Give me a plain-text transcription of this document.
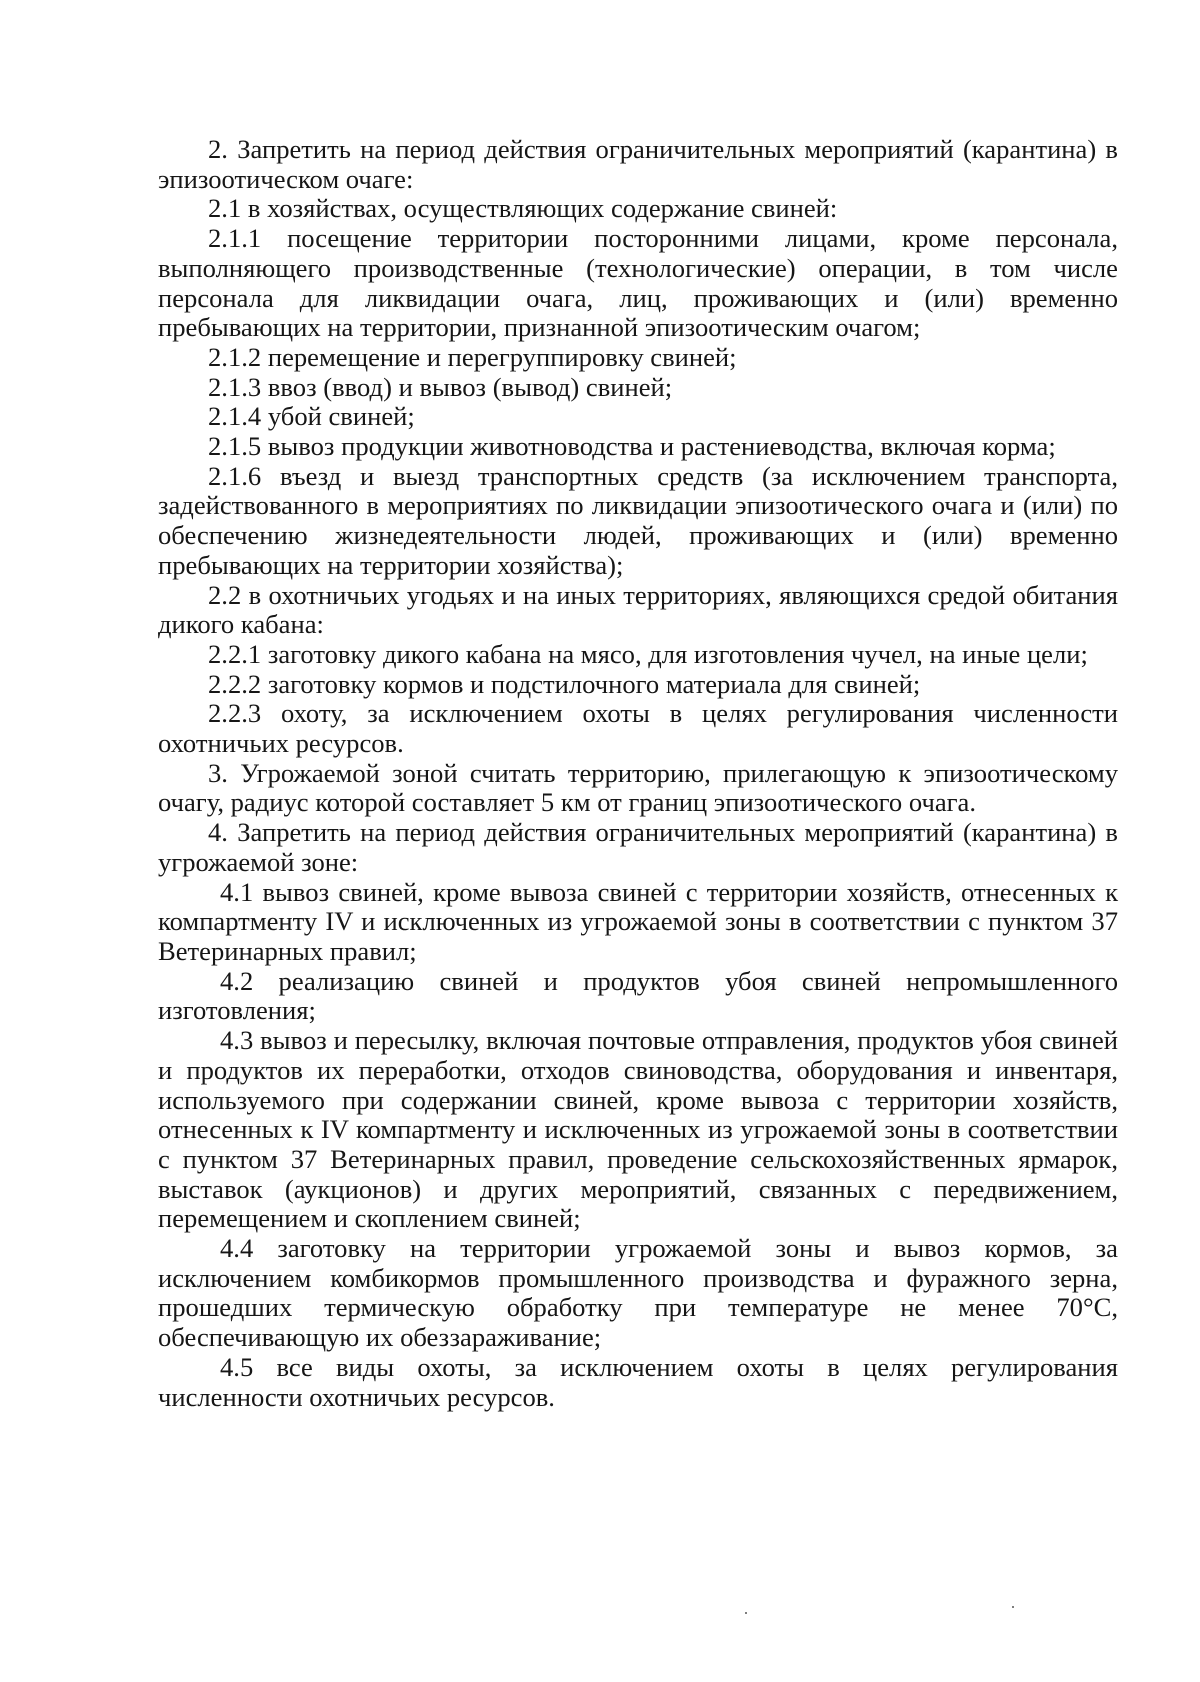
2. Запретить на период действия ограничительных мероприятий (карантина) в эпизоотическом очаге:

2.1 в хозяйствах, осуществляющих содержание свиней:

2.1.1 посещение территории посторонними лицами, кроме персонала, выполняющего производственные (технологические) операции, в том числе персонала для ликвидации очага, лиц, проживающих и (или) временно пребывающих на территории, признанной эпизоотическим очагом;

2.1.2 перемещение и перегруппировку свиней;

2.1.3 ввоз (ввод) и вывоз (вывод) свиней;

2.1.4 убой свиней;

2.1.5 вывоз продукции животноводства и растениеводства, включая корма;

2.1.6 въезд и выезд транспортных средств (за исключением транспорта, задействованного в мероприятиях по ликвидации эпизоотического очага и (или) по обеспечению жизнедеятельности людей, проживающих и (или) временно пребывающих на территории хозяйства);

2.2 в охотничьих угодьях и на иных территориях, являющихся средой обитания дикого кабана:

2.2.1 заготовку дикого кабана на мясо, для изготовления чучел, на иные цели;

2.2.2 заготовку кормов и подстилочного материала для свиней;

2.2.3 охоту, за исключением охоты в целях регулирования численности охотничьих ресурсов.

3. Угрожаемой зоной считать территорию, прилегающую к эпизоотическому очагу, радиус которой составляет 5 км от границ эпизоотического очага.

4. Запретить на период действия ограничительных мероприятий (карантина) в угрожаемой зоне:

4.1 вывоз свиней, кроме вывоза свиней с территории хозяйств, отнесенных к компартменту IV и исключенных из угрожаемой зоны в соответствии с пунктом 37 Ветеринарных правил;

4.2 реализацию свиней и продуктов убоя свиней непромышленного изготовления;

4.3 вывоз и пересылку, включая почтовые отправления, продуктов убоя свиней и продуктов их переработки, отходов свиноводства, оборудования и инвентаря, используемого при содержании свиней, кроме вывоза с территории хозяйств, отнесенных к IV компартменту и исключенных из угрожаемой зоны в соответствии с пунктом 37 Ветеринарных правил, проведение сельскохозяйственных ярмарок, выставок (аукционов) и других мероприятий, связанных с передвижением, перемещением и скоплением свиней;

4.4 заготовку на территории угрожаемой зоны и вывоз кормов, за исключением комбикормов промышленного производства и фуражного зерна, прошедших термическую обработку при температуре не менее 70°С, обеспечивающую их обеззараживание;

4.5 все виды охоты, за исключением охоты в целях регулирования численности охотничьих ресурсов.
